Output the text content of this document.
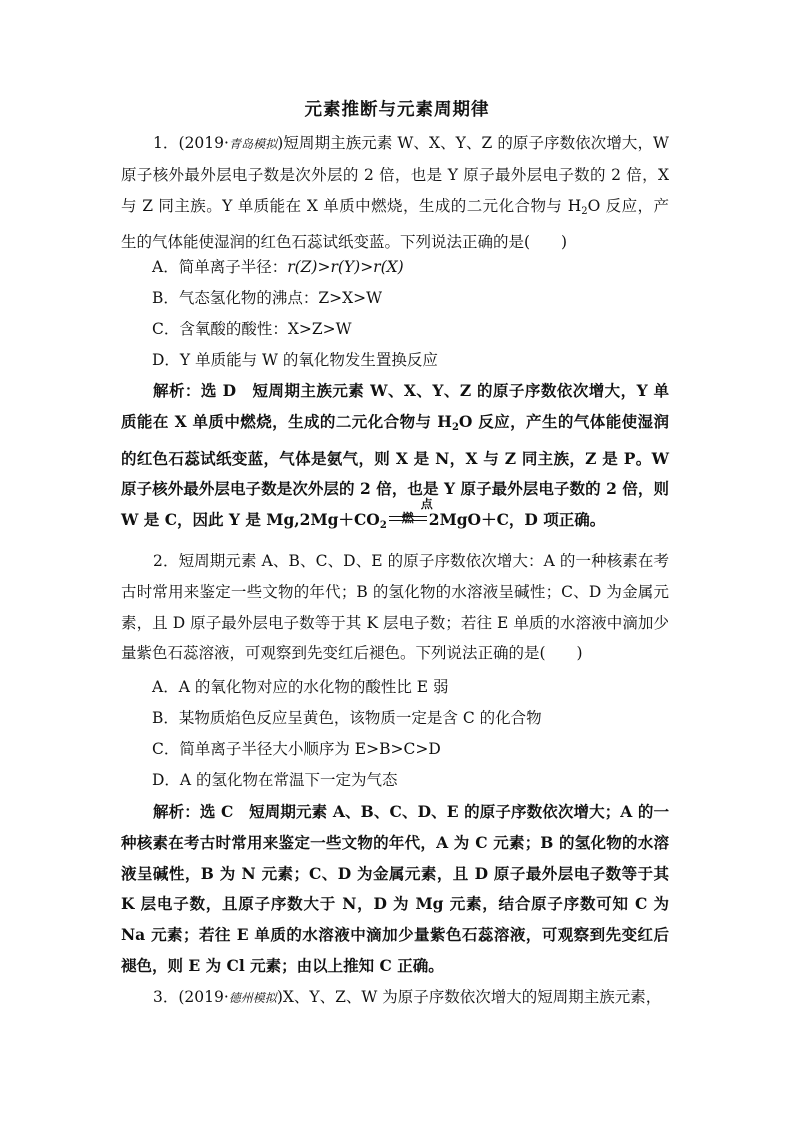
元素推断与元素周期律
1．(2019·青岛模拟)短周期主族元素 W、X、Y、Z 的原子序数依次增大，W 原子核外最外层电子数是次外层的 2 倍，也是 Y 原子最外层电子数的 2 倍，X 与 Z 同主族。Y 单质能在 X 单质中燃烧，生成的二元化合物与 $H_2O$ 反应，产生的气体能使湿润的红色石蕊试纸变蓝。下列说法正确的是(　　)
A．简单离子半径：r(Z)>r(Y)>r(X)
B．气态氢化物的沸点：Z>X>W
C．含氧酸的酸性：X>Z>W
D．Y 单质能与 W 的氧化物发生置换反应
解析：选 D　短周期主族元素 W、X、Y、Z 的原子序数依次增大，Y 单质能在 X 单质中燃烧，生成的二元化合物与 $H_2O$ 反应，产生的气体能使湿润的红色石蕊试纸变蓝，气体是氨气，则 X 是 N，X 与 Z 同主族，Z 是 P。W 原子核外最外层电子数是次外层的 2 倍，也是 Y 原子最外层电子数的 2 倍，则 W 是 C，因此 Y 是 $Mg,2Mg+CO_2$
点燃 2MgO＋C，D 项正确。
2．短周期元素 A、B、C、D、E 的原子序数依次增大：A 的一种核素在考古时常用来鉴定一些文物的年代；B 的氢化物的水溶液呈碱性；C、D 为金属元素，且 D 原子最外层电子数等于其 K 层电子数；若往 E 单质的水溶液中滴加少量紫色石蕊溶液，可观察到先变红后褪色。下列说法正确的是(　　)
A．A 的氧化物对应的水化物的酸性比 E 弱
B．某物质焰色反应呈黄色，该物质一定是含 C 的化合物
C．简单离子半径大小顺序为 E>B>C>D
D．A 的氢化物在常温下一定为气态
解析：选 C　短周期元素 A、B、C、D、E 的原子序数依次增大；A 的一种核素在考古时常用来鉴定一些文物的年代，A 为 C 元素；B 的氢化物的水溶液呈碱性，B 为 N 元素；C、D 为金属元素，且 D 原子最外层电子数等于其 K 层电子数，且原子序数大于 N，D 为 Mg 元素，结合原子序数可知 C 为 Na 元素；若往 E 单质的水溶液中滴加少量紫色石蕊溶液，可观察到先变红后褪色，则 E 为 Cl 元素；由以上推知 C 正确。
3．(2019·德州模拟)X、Y、Z、W 为原子序数依次增大的短周期主族元素，
